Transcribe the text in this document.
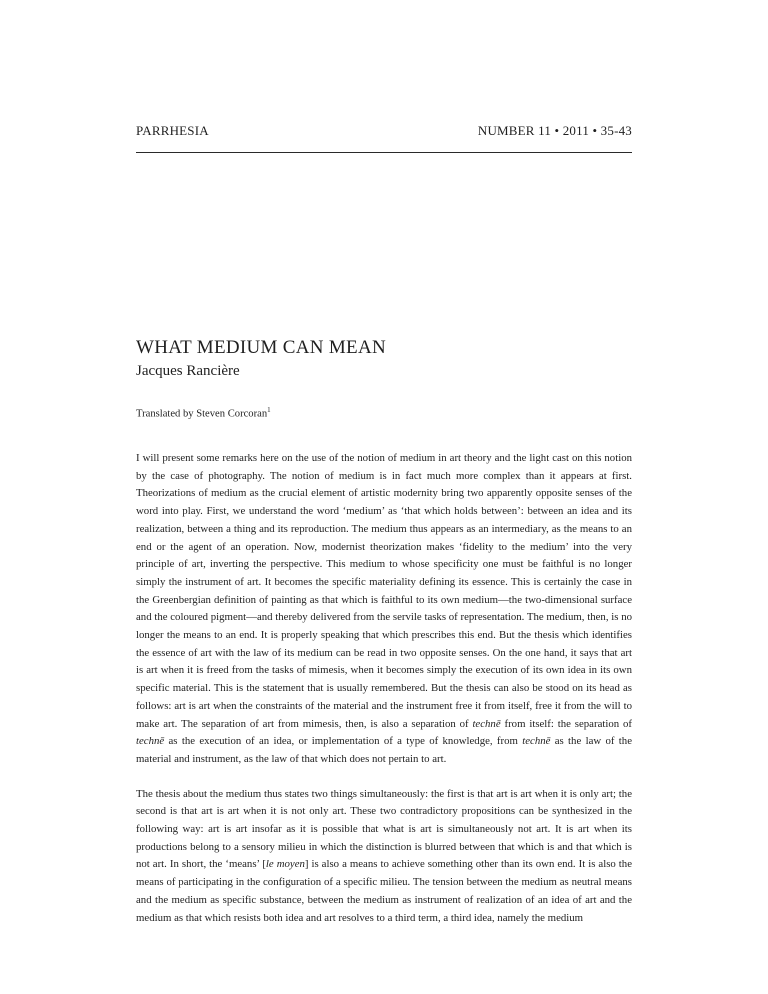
PARRHESIA	NUMBER 11 • 2011 • 35-43
WHAT MEDIUM CAN MEAN
Jacques Rancière
Translated by Steven Corcoran$^1$

I will present some remarks here on the use of the notion of medium in art theory and the light cast on this notion by the case of photography. The notion of medium is in fact much more complex than it appears at first. Theorizations of medium as the crucial element of artistic modernity bring two apparently opposite senses of the word into play. First, we understand the word ‘medium’ as ‘that which holds between’: between an idea and its realization, between a thing and its reproduction. The medium thus appears as an intermediary, as the means to an end or the agent of an operation. Now, modernist theorization makes ‘fidelity to the medium’ into the very principle of art, inverting the perspective. This medium to whose specificity one must be faithful is no longer simply the instrument of art. It becomes the specific materiality defining its essence. This is certainly the case in the Greenbergian definition of painting as that which is faithful to its own medium—the two-dimensional surface and the coloured pigment—and thereby delivered from the servile tasks of representation. The medium, then, is no longer the means to an end. It is properly speaking that which prescribes this end. But the thesis which identifies the essence of art with the law of its medium can be read in two opposite senses. On the one hand, it says that art is art when it is freed from the tasks of mimesis, when it becomes simply the execution of its own idea in its own specific material. This is the statement that is usually remembered. But the thesis can also be stood on its head as follows: art is art when the constraints of the material and the instrument free it from itself, free it from the will to make art. The separation of art from mimesis, then, is also a separation of technē from itself: the separation of technē as the execution of an idea, or implementation of a type of knowledge, from technē as the law of the material and instrument, as the law of that which does not pertain to art.

The thesis about the medium thus states two things simultaneously: the first is that art is art when it is only art; the second is that art is art when it is not only art. These two contradictory propositions can be synthesized in the following way: art is art insofar as it is possible that what is art is simultaneously not art. It is art when its productions belong to a sensory milieu in which the distinction is blurred between that which is and that which is not art. In short, the ‘means’ [le moyen] is also a means to achieve something other than its own end. It is also the means of participating in the configuration of a specific milieu. The tension between the medium as neutral means and the medium as specific substance, between the medium as instrument of realization of an idea of art and the medium as that which resists both idea and art resolves to a third term, a third idea, namely the medium
